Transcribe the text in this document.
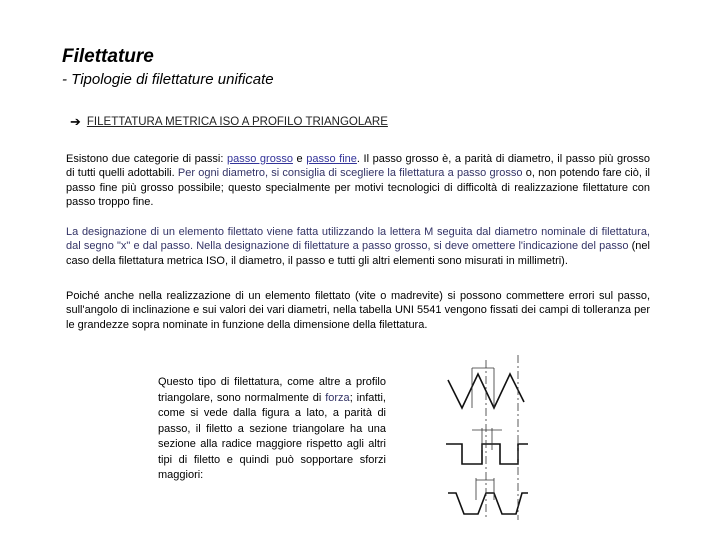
Filettature
- Tipologie di filettature unificate
➔ FILETTATURA METRICA ISO A PROFILO TRIANGOLARE
Esistono due categorie di passi: passo grosso e passo fine. Il passo grosso è, a parità di diametro, il passo più grosso di tutti quelli adottabili. Per ogni diametro, si consiglia di scegliere la filettatura a passo grosso o, non potendo fare ciò, il passo fine più grosso possibile; questo specialmente per motivi tecnologici di difficoltà di realizzazione filettature con passo troppo fine.
La designazione di un elemento filettato viene fatta utilizzando la lettera M seguita dal diametro nominale di filettatura, dal segno "x" e dal passo. Nella designazione di filettature a passo grosso, si deve omettere l'indicazione del passo (nel caso della filettatura metrica ISO, il diametro, il passo e tutti gli altri elementi sono misurati in millimetri).
Poiché anche nella realizzazione di un elemento filettato (vite o madrevite) si possono commettere errori sul passo, sull'angolo di inclinazione e sui valori dei vari diametri, nella tabella UNI 5541 vengono fissati dei campi di tolleranza per le grandezze sopra nominate in funzione della dimensione della filettatura.
Questo tipo di filettatura, come altre a profilo triangolare, sono normalmente di forza; infatti, come si vede dalla figura a lato, a parità di passo, il filetto a sezione triangolare ha una sezione alla radice maggiore rispetto agli altri tipi di filetto e quindi può sopportare sforzi maggiori:
